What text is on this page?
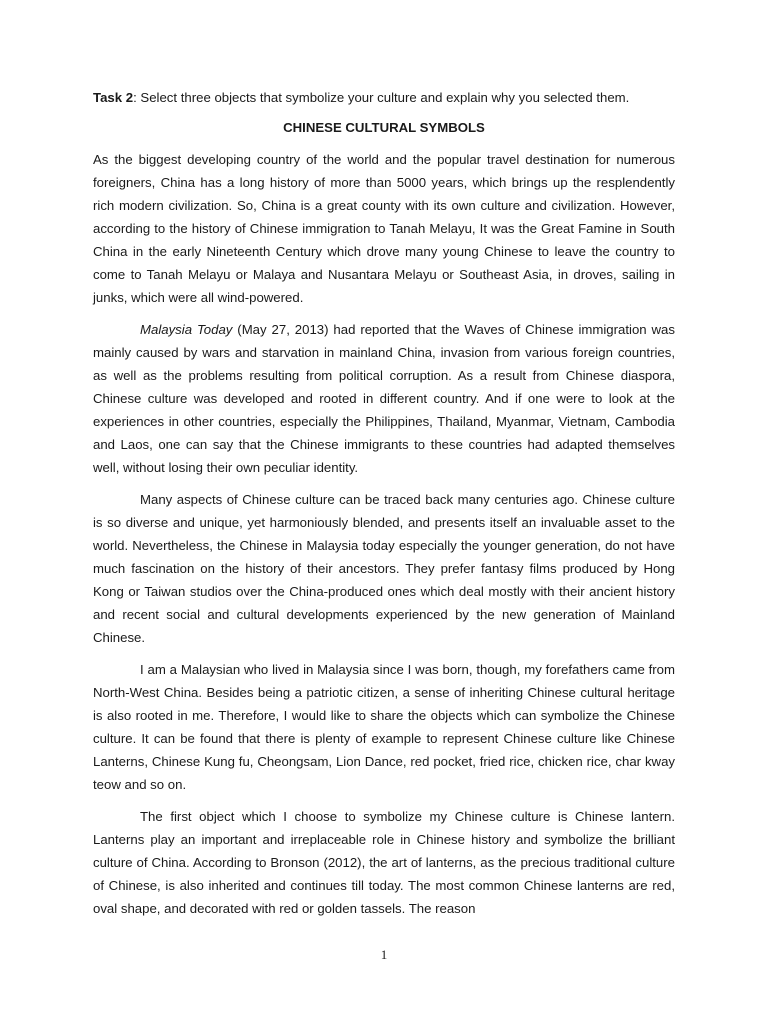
Task 2: Select three objects that symbolize your culture and explain why you selected them.

CHINESE CULTURAL SYMBOLS

As the biggest developing country of the world and the popular travel destination for numerous foreigners, China has a long history of more than 5000 years, which brings up the resplendently rich modern civilization. So, China is a great county with its own culture and civilization. However, according to the history of Chinese immigration to Tanah Melayu, It was the Great Famine in South China in the early Nineteenth Century which drove many young Chinese to leave the country to come to Tanah Melayu or Malaya and Nusantara Melayu or Southeast Asia, in droves, sailing in junks, which were all wind-powered.

Malaysia Today (May 27, 2013) had reported that the Waves of Chinese immigration was mainly caused by wars and starvation in mainland China, invasion from various foreign countries, as well as the problems resulting from political corruption. As a result from Chinese diaspora, Chinese culture was developed and rooted in different country. And if one were to look at the experiences in other countries, especially the Philippines, Thailand, Myanmar, Vietnam, Cambodia and Laos, one can say that the Chinese immigrants to these countries had adapted themselves well, without losing their own peculiar identity.

Many aspects of Chinese culture can be traced back many centuries ago. Chinese culture is so diverse and unique, yet harmoniously blended, and presents itself an invaluable asset to the world. Nevertheless, the Chinese in Malaysia today especially the younger generation, do not have much fascination on the history of their ancestors. They prefer fantasy films produced by Hong Kong or Taiwan studios over the China-produced ones which deal mostly with their ancient history and recent social and cultural developments experienced by the new generation of Mainland Chinese.

I am a Malaysian who lived in Malaysia since I was born, though, my forefathers came from North-West China. Besides being a patriotic citizen, a sense of inheriting Chinese cultural heritage is also rooted in me. Therefore, I would like to share the objects which can symbolize the Chinese culture. It can be found that there is plenty of example to represent Chinese culture like Chinese Lanterns, Chinese Kung fu, Cheongsam, Lion Dance, red pocket, fried rice, chicken rice, char kway teow and so on.

The first object which I choose to symbolize my Chinese culture is Chinese lantern. Lanterns play an important and irreplaceable role in Chinese history and symbolize the brilliant culture of China. According to Bronson (2012), the art of lanterns, as the precious traditional culture of Chinese, is also inherited and continues till today. The most common Chinese lanterns are red, oval shape, and decorated with red or golden tassels. The reason

1
